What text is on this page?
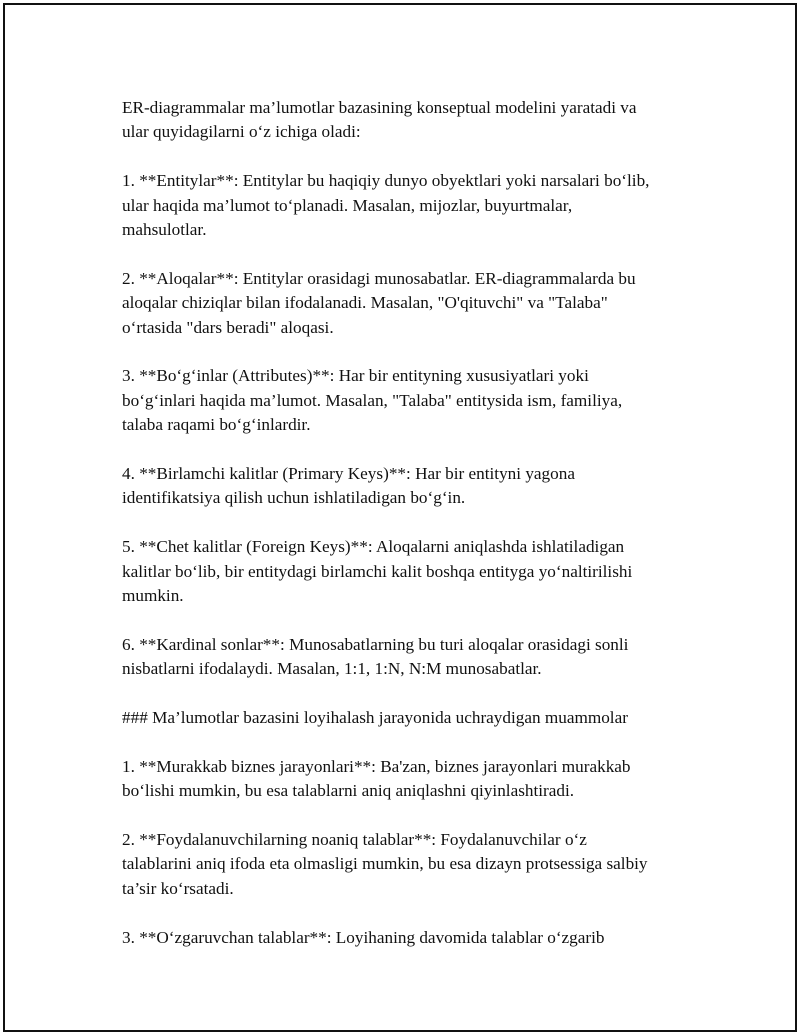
ER-diagrammalar ma’lumotlar bazasining konseptual modelini yaratadi va
ular quyidagilarni o‘z ichiga oladi:

1. **Entitylar**: Entitylar bu haqiqiy dunyo obyektlari yoki narsalari bo‘lib,
ular haqida ma’lumot to‘planadi. Masalan, mijozlar, buyurtmalar,
mahsulotlar.

2. **Aloqalar**: Entitylar orasidagi munosabatlar. ER-diagrammalarda bu
aloqalar chiziqlar bilan ifodalanadi. Masalan, "O'qituvchi" va "Talaba"
o‘rtasida "dars beradi" aloqasi.

3. **Bo‘g‘inlar (Attributes)**: Har bir entityning xususiyatlari yoki
bo‘g‘inlari haqida ma’lumot. Masalan, "Talaba" entitysida ism, familiya,
talaba raqami bo‘g‘inlardir.

4. **Birlamchi kalitlar (Primary Keys)**: Har bir entityni yagona
identifikatsiya qilish uchun ishlatiladigan bo‘g‘in.

5. **Chet kalitlar (Foreign Keys)**: Aloqalarni aniqlashda ishlatiladigan
kalitlar bo‘lib, bir entitydagi birlamchi kalit boshqa entityga yo‘naltirilishi
mumkin.

6. **Kardinal sonlar**: Munosabatlarning bu turi aloqalar orasidagi sonli
nisbatlarni ifodalaydi. Masalan, 1:1, 1:N, N:M munosabatlar.

### Ma’lumotlar bazasini loyihalash jarayonida uchraydigan muammolar

1. **Murakkab biznes jarayonlari**: Ba'zan, biznes jarayonlari murakkab
bo‘lishi mumkin, bu esa talablarni aniq aniqlashni qiyinlashtiradi.

2. **Foydalanuvchilarning noaniq talablar**: Foydalanuvchilar o‘z
talablarini aniq ifoda eta olmasligi mumkin, bu esa dizayn protsessiga salbiy
ta’sir ko‘rsatadi.

3. **O‘zgaruvchan talablar**: Loyihaning davomida talablar o‘zgarib
